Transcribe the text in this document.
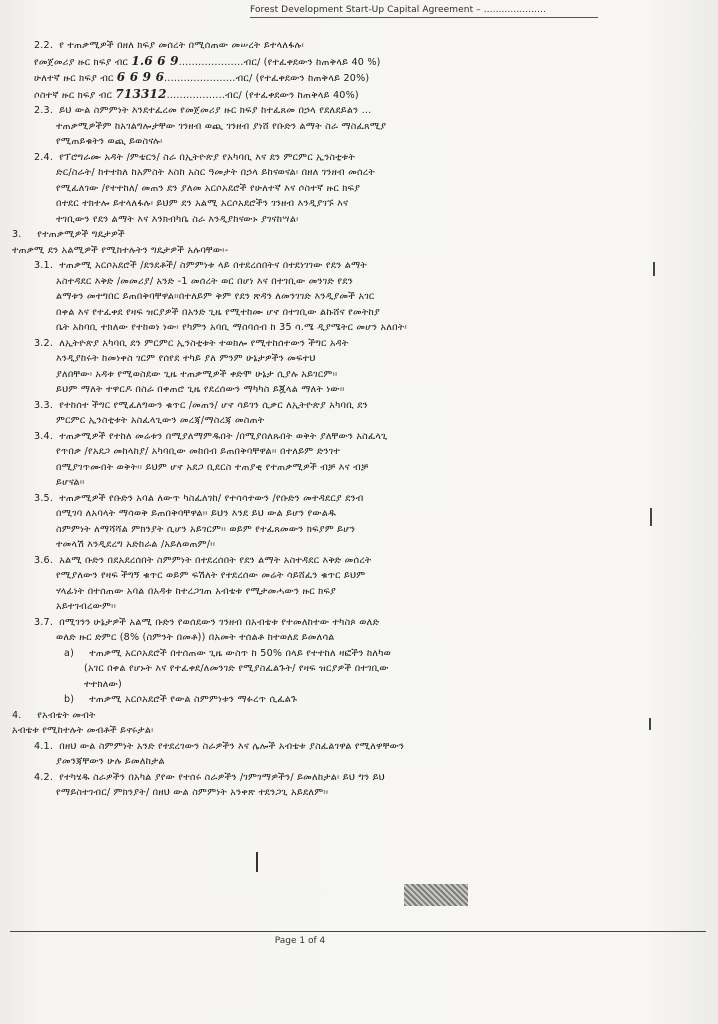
Forest Development Start-Up Capital Agreement – .....................
2.2. የ ተጠቃሚዎች በዘለ ክፍያ መሰረት በሚሰጠው መሠረት ይተላለፋሉ፡
የመጀመሪያ ዙር ክፍያ ብር 1.6 6 9....................ብር/ (የተፈቀደውን ከጠቅላይ 40 %)
ሁለተኛ ዙር ክፍያ ብር 6 6 9 6......................ብር/ (የተፈቀደውን ከጠቅላይ 20%)
ሶስተኛ ዙር ክፍያ ብር 713312..................ብር/ (የተፈቀደውን ከጠቅላይ 40%)
2.3. ይህ ውል ስምምነት እንደተፈረመ የመጀመሪያ ዙር ክፍያ ከተፈጸመ በኃላ የደለደይልን ...
ተጠቃሚዎችም ከአገልግሎታቸው ገንዘብ ወጪ ገንዘብ ያነሸ የቡድን ልማት ስራ ማስፈጸሚያ
የሚጠይቁትን ወጪ ይወስናሉ፡
2.4. የፕሮግራሙ አዳት /ምቴርን/ ስራ በኢትዮጵያ የአካባቢ እና ደን ምርምር ኢንስቲቱት
ድር/ስራት/ ከተተከለ ከአምስት እስከ አስር ዓመታት በኃላ ይከናወናል፡ በዘለ ገንዘብ መሰረት
የሚፈለገው /የተተከለ/ መጠን ደን ያለመ አርሶአደሮች የሁለተኛ እና ሶስተኛ ዙር ክፍያ
በተደር ተክተሎ ይተላለፋሉ፡ ይህም ደን አልሚ አርሶአደሮችን ገንዘብ እንዲያገኙ እና
ተገቢውን የደን ልማት እና እንክብካቤ ስራ እንዲያከናውኑ ያገናከሣል፡
3. የተጠቃሚዎች ግዴታዎች
ተጠቃሚ ደን አልሚዎች የሚከተሉትን ግዴታዎች አሉባቸው፡-
3.1. ተጠቃሚ አርሶአደሮች /ደንደቶች/ ስምምነቱ ላይ በተደረሰበትና በተደነገገው የደን ልማት
አስተዳደር እቅድ /መመሪያ/ አንድ -1 መሰረት ወር በሆነ እና በተገቢው መንገድ የደን
ልማቱን መተግበር ይጠበቅባቸዋል።በተለይም ቅም የደን ጽዳን ለመንገገድ እንዲያመች አገር
በቀል እና የተፈቀደ የዛፍ ዝርያዎች በአንድ ጊዜ የሚተከሙ ሆኖ በተገቢው ልኩሸና የመትከያ
ቤት አከባቢ ተክለው የተከወነ ነው፡ የካምን አባቢ ማሰባሰብ ከ 35 ሳ.ሜ ዲያሜትር መሆን አለበት፡
3.2. ለኢትዮጵያ አካባቢ ደን ምርምር ኢንስቲቱት ተወክሎ የሚተከሰተውን ችግር አዳት
እንዲያከሩት ከመነቀስ ገርም የሰየደ ተካይ ያለ ምንም ሁኔታዎችን መፍተህ
ያለበቸው፡ አዳቱ የሚወስደው ጊዜ ተጠቃሚዎች ቀድሞ ሁኔታ ሲያሉ አይገርም፡፡
ይህም ማለት ተዋርዶ በስራ በቀጠሮ ጊዜ የደረሰውን ማካካስ ይጇላል ማለት ነው፡፡
3.3. የተከሰተ ችግር የሚፈለግውን ቁጥር /መጠን/ ሆኖ ሳይገን ሲቃር ለኢትዮጵያ አካባቢ ደን
ምርምር ኢንስቲቱት አስፈላጊውን መረጃ/ማስረጃ መስጠት
3.4. ተጠቃሚዎች የተከለ መሬቱን በሚያለማምዱበት /በሚያበለጹበት ወቅት ያለቸውን አስፈላጊ
የጥበቃ /የአደጋ መከላከያ/ አካባቢው መከበብ ይጠበቅባቸዋል፡፡ በተለይም ድንገተ
በሚያገጥሙበት ወቅት፡፡ ይህም ሆኖ አደጋ ቢደርስ ተጠያቂ የተጠቃሚዎች ብቻ እና ብቻ
ይሆናል፡፡
3.5. ተጠቃሚዎች የቡድን አባል ለውጥ ካስፈለገከ/ የተሳሳተውን /የቡድን መተዳደርያ ደንብ
በሚገባ ለአባላት ማሳወቅ ይጠበቅባቸዋል፡፡ ይህን እንደ ይህ ውል ይሆን የውልዱ
ስምምነት ለማሻሻል ምክንያት ሲሆን አይገርም፡፡ ወይም የተፈጸመውን ክፍያም ይሆን
ተመላሽ እንዲደረግ አድከራል /አይለወጠም/፡፡
3.6. አልሚ ቡድን በደአደረሰበት ስምምነት በተደረሰበት የደን ልማት አስተዳደር እቅድ መሰረት
የሚያለውን የዛፍ ችግኝ ቁጥር ወይም ፍሽለት የተደረሰው መሬት ሳይሸፈን ቁጥር ይህም
ሃላፊነት በተሰጠው አባል በአዳቱ ከተረጋገጠ አብቴቱ የሚታመሓውን ዙር ክፍያ
አይተገብረውም፡፡
3.7. በሚገንን ሁኔታዎች አልሚ ቡድን የወሰደውን ገንዘብ በአብቴቱ የተመለከተው ተካስጶ ወለድ
ወለድ ዙር ድምር (8% (ስምንት በመቶ)) በአመት ተሰልቶ ከተወለደ ይመለሳል
a) ተጠቃሚ አርሶአደሮች በተሰጠው ጊዜ ውስጥ ከ 50% በላይ የተተከለ ዛፎችን ከለካወ
(አገር በቀል የሆኑት እና የተፈቀደ/ለመንገድ የሚያስፈልጉት/ የዛፍ ዝርያዎች በተገቢው
ተተክለው)
b) ተጠቃሚ አርሶአደሮች የውል ስምምነቱን ማፉረጥ ሲፈልጉ
4. የአብቴት መብት
አብቴቱ የሚከተሉት መብቶች ይኖሩታል፡
4.1. በዘህ ውል ስምምነት አንድ የተደረገውን ስራዎችን እና ሌሎች አብቴቱ ያስፈልገዋል የሚለዋቸውን
ያመንጃቸውን ሁሉ ይመለከታል
4.2. የተካሄዱ ስራዎችን በአካል ያየው የተሰሩ ስራዎችን /ገምገማዎችን/ ይመለከታል፡ ይህ ግን ይህ
የማይስተገብር/ ምክንያት/ በዘህ ውል ስምምነት አንቀጽ ተደንጋጊ አይደለም፡፡
Page 1 of 4
